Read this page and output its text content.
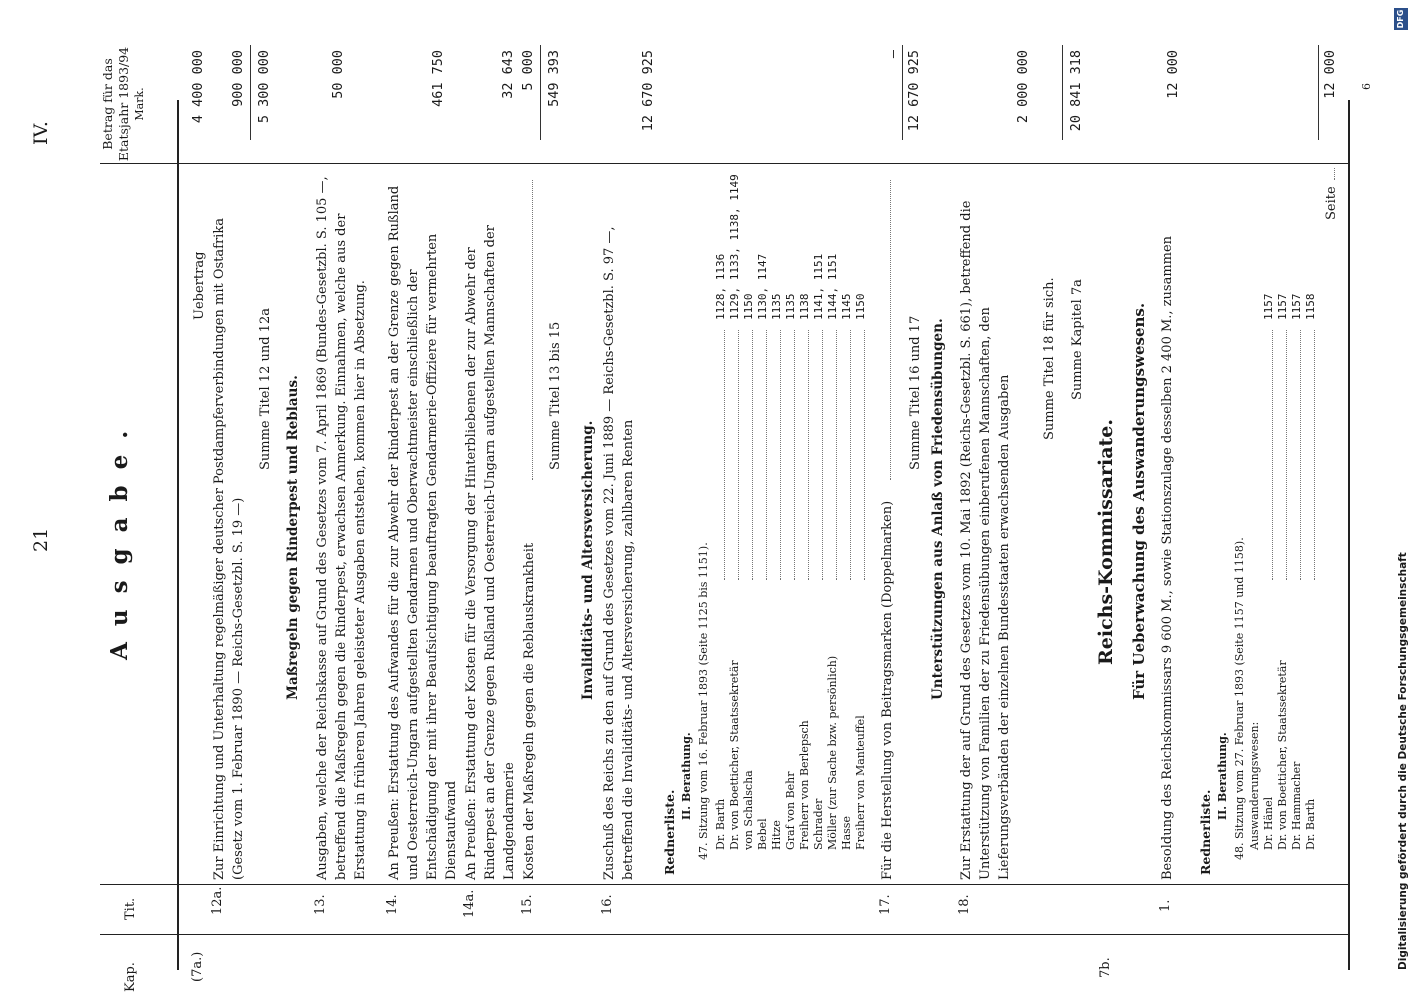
21
IV.
Kap.
Tit.
Ausgabe.
Betrag für das Etatsjahr 1893/94 Mark.
(7a.)
Uebertrag
4 400 000
12a.
Zur Einrichtung und Unterhaltung regelmäßiger deutscher Postdampferverbindungen mit Ostafrika (Gesetz vom 1. Februar 1890 — Reichs-Gesetzbl. S. 19 —)
900 000
Summe Titel 12 und 12a
5 300 000
Maßregeln gegen Rinderpest und Reblaus.
13.
Ausgaben, welche der Reichskasse auf Grund des Gesetzes vom 7. April 1869 (Bundes-Gesetzbl. S. 105 —, betreffend die Maßregeln gegen die Rinderpest, erwachsen Anmerkung. Einnahmen, welche aus der Erstattung in früheren Jahren geleisteter Ausgaben entstehen, kommen hier in Absetzung.
50 000
14.
An Preußen: Erstattung des Aufwandes für die zur Abwehr der Rinderpest an der Grenze gegen Rußland und Oesterreich-Ungarn aufgestellten Gendarmen und Oberwachtmeister einschließlich der Entschädigung der mit ihrer Beaufsichtigung beauftragten Gendarmerie-Offiziere für vermehrten Dienstaufwand
461 750
14a.
An Preußen: Erstattung der Kosten für die Versorgung der Hinterbliebenen der zur Abwehr der Rinderpest an der Grenze gegen Rußland und Oesterreich-Ungarn aufgestellten Mannschaften der Landgendarmerie
32 643
15.
Kosten der Maßregeln gegen die Reblauskrankheit
5 000
Summe Titel 13 bis 15
549 393
Invaliditäts- und Altersversicherung.
16.
Zuschuß des Reichs zu den auf Grund des Gesetzes vom 22. Juni 1889 — Reichs-Gesetzbl. S. 97 —, betreffend die Invaliditäts- und Altersversicherung, zahlbaren Renten
12 670 925
Rednerliste.
II. Berathung. 47. Sitzung vom 16. Februar 1893 (Seite 1125 bis 1151). Dr. Barth
1128, 1136
Dr. von Boetticher, Staatssekretär
1129, 1133, 1138, 1149
von Schalscha
1150
Bebel
1130, 1147
Hitze
1135
Graf von Behr
1135
Freiherr von Berlepsch
1138
Schrader
1141, 1151
Möller (zur Sache bzw. persönlich)
1144, 1151
Hasse
1145
Freiherr von Manteuffel
1150
17.
Für die Herstellung von Beitragsmarken (Doppelmarken)
—
Summe Titel 16 und 17
12 670 925
Unterstützungen aus Anlaß von Friedensübungen.
18.
Zur Erstattung der auf Grund des Gesetzes vom 10. Mai 1892 (Reichs-Gesetzbl. S. 661), betreffend die Unterstützung von Familien der zu Friedensübungen einberufenen Mannschaften, den Lieferungsverbänden der einzelnen Bundesstaaten erwachsenden Ausgaben
2 000 000
Summe Titel 18 für sich. Summe Kapitel 7a
20 841 318
7b.
Reichs-Kommissariate. Für Ueberwachung des Auswanderungswesens.
1.
Besoldung des Reichskommissars 9 600 M., sowie Stationszulage desselben 2 400 M., zusammen
12 000
Rednerliste.
II. Berathung. 48. Sitzung vom 27. Februar 1893 (Seite 1157 und 1158). Auswanderungswesen: Dr. Hänel
1157
Dr. von Boetticher, Staatssekretär
1157
Dr. Hammacher
1157
Dr. Barth
1158
Seite
12 000 6
Digitalisierung gefördert durch die Deutsche Forschungsgemeinschaft
DFG
